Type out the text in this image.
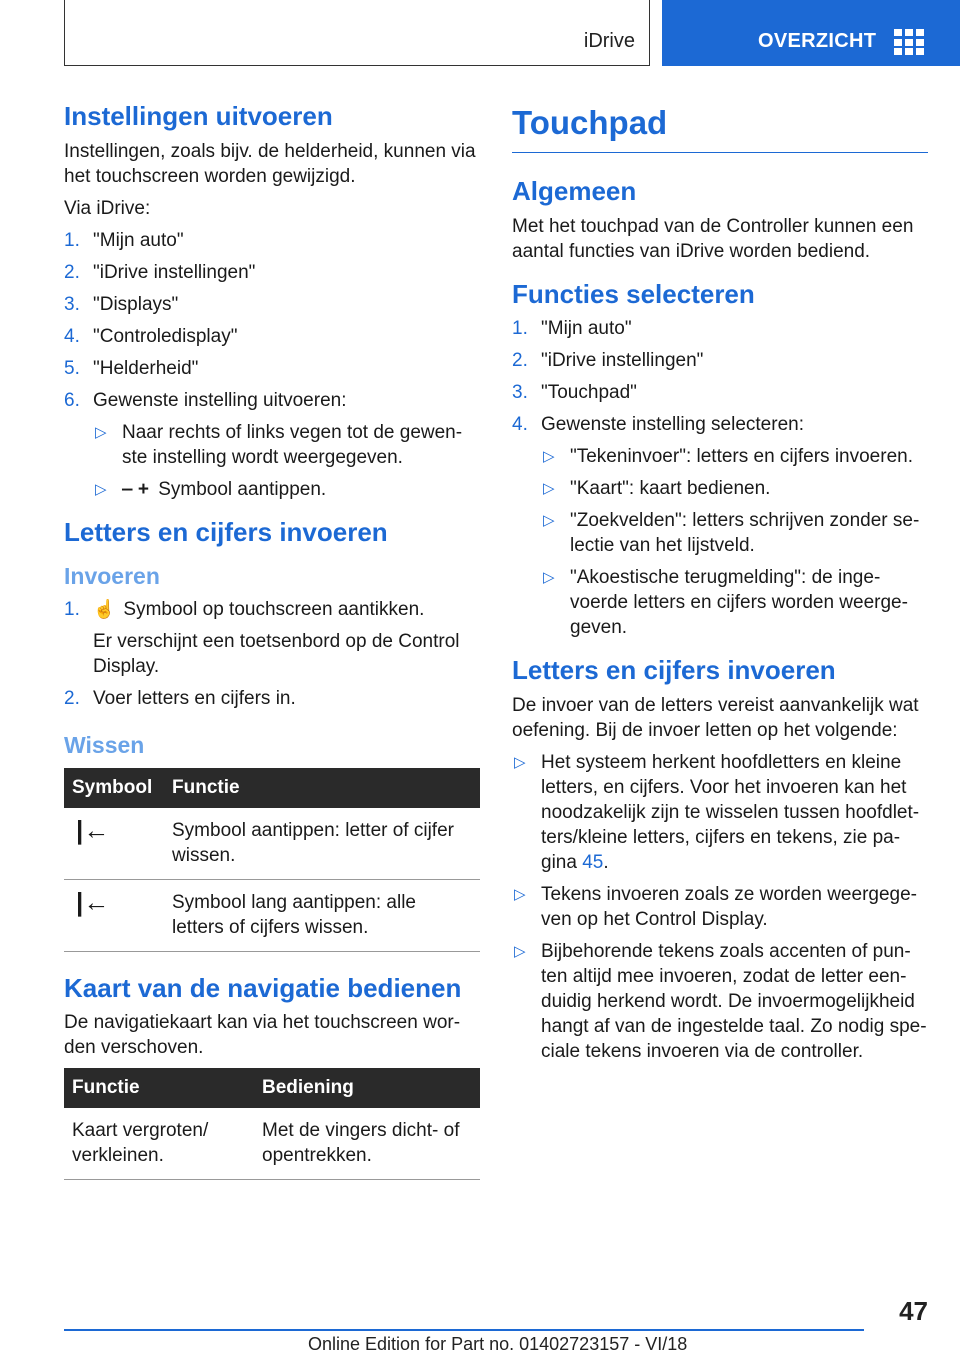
iDrive	OVERZICHT
Instellingen uitvoeren

Instellingen, zoals bijv. de helderheid, kunnen via het touchscreen worden gewijzigd.

Via iDrive:

1. "Mijn auto"
2. "iDrive instellingen"
3. "Displays"
4. "Controledisplay"
5. "Helderheid"
6. Gewenste instelling uitvoeren:
▷ Naar rechts of links vegen tot de gewenste instelling wordt weergegeven.
▷ ‒ + Symbool aantippen.
Letters en cijfers invoeren
Invoeren
1. ☝ Symbool op touchscreen aantikken.

Er verschijnt een toetsenbord op de Control Display.

2. Voer letters en cijfers in.
Wissen
Symbool	Functie
|←	Symbool aantippen: letter of cijfer wissen.
|←	Symbool lang aantippen: alle letters of cijfers wissen.
Kaart van de navigatie bedienen

De navigatiekaart kan via het touchscreen worden verschoven.

Functie	Bediening
Kaart vergroten/ verkleinen.	Met de vingers dicht- of opentrekken.
Touchpad
Algemeen

Met het touchpad van de Controller kunnen een aantal functies van iDrive worden bediend.

Functies selecteren
1. "Mijn auto"
2. "iDrive instellingen"
3. "Touchpad"
4. Gewenste instelling selecteren:
▷ "Tekeninvoer": letters en cijfers invoeren.
▷ "Kaart": kaart bedienen.
▷ "Zoekvelden": letters schrijven zonder selectie van het lijstveld.
▷ "Akoestische terugmelding": de ingevoerde letters en cijfers worden weergegeven.
Letters en cijfers invoeren

De invoer van de letters vereist aanvankelijk wat oefening. Bij de invoer letten op het volgende:

▷ Het systeem herkent hoofdletters en kleine letters, en cijfers. Voor het invoeren kan het noodzakelijk zijn te wisselen tussen hoofdletters/kleine letters, cijfers en tekens, zie pagina 45.
▷ Tekens invoeren zoals ze worden weergegeven op het Control Display.
▷ Bijbehorende tekens zoals accenten of punten altijd mee invoeren, zodat de letter eenduidig herkend wordt. De invoermogelijkheid hangt af van de ingestelde taal. Zo nodig speciale tekens invoeren via de controller.
47
Online Edition for Part no. 01402723157 - VI/18
